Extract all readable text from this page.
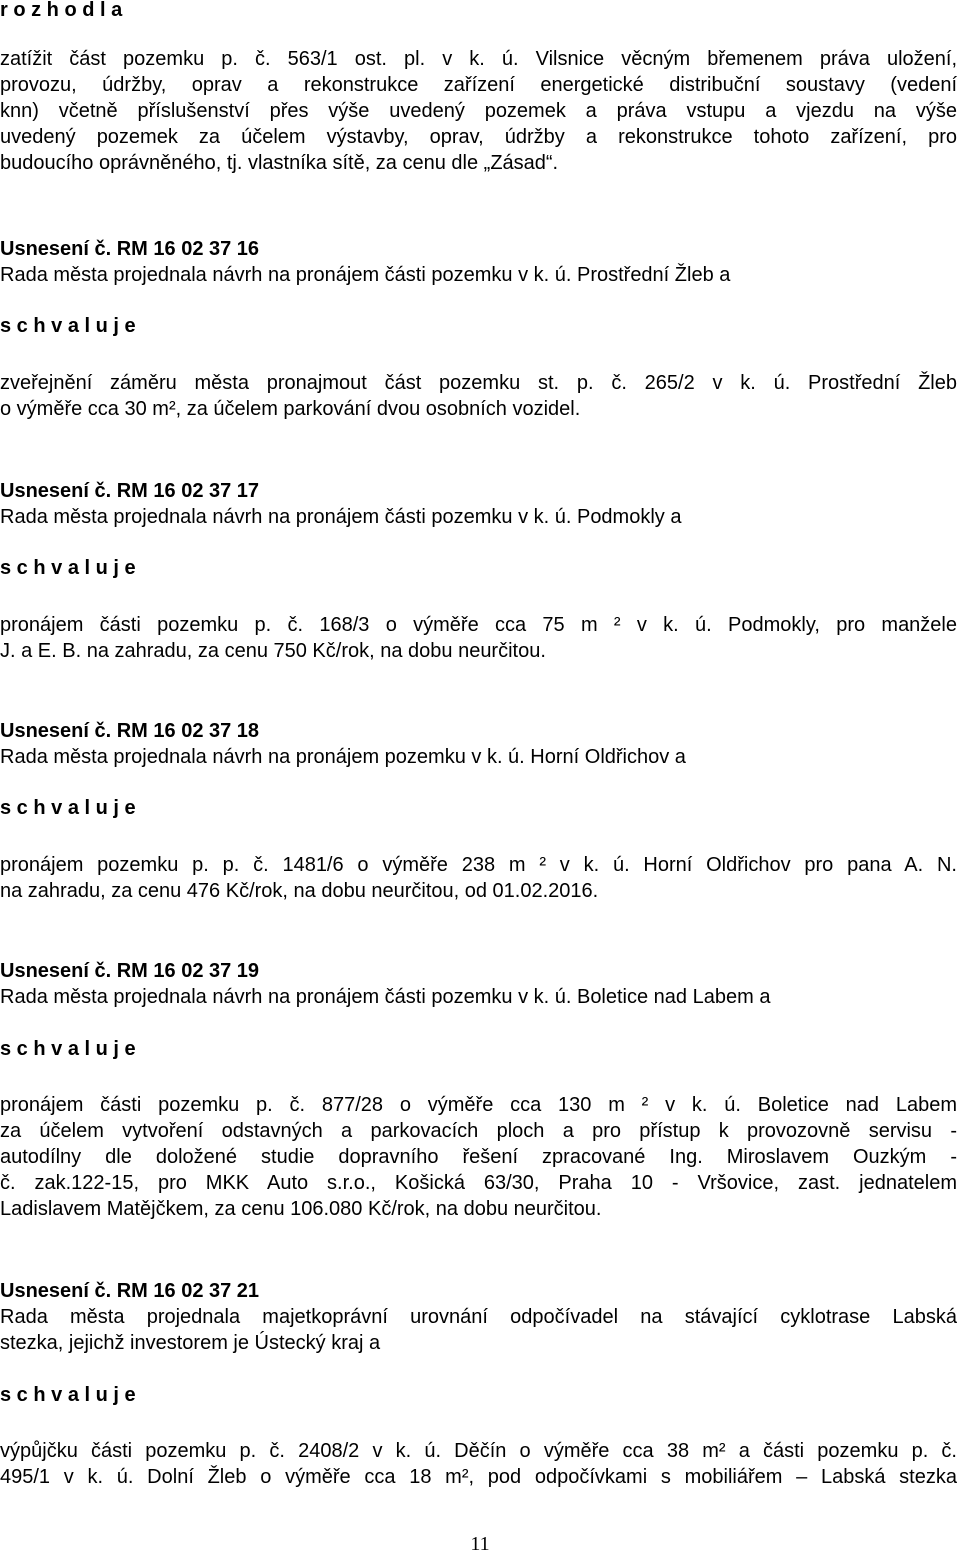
r o z h o d l a
zatížit část pozemku p. č. 563/1 ost. pl. v k. ú. Vilsnice věcným břemenem práva uložení,
provozu, údržby, oprav a rekonstrukce zařízení energetické distribuční soustavy (vedení
knn) včetně příslušenství přes výše uvedený pozemek a práva vstupu a vjezdu na výše
uvedený pozemek za účelem výstavby, oprav, údržby a rekonstrukce tohoto zařízení, pro
budoucího oprávněného, tj. vlastníka sítě, za cenu dle „Zásad“.
Usnesení č. RM 16 02 37 16
Rada města projednala návrh na pronájem části pozemku v k. ú. Prostřední Žleb a
s c h v a l u j e
zveřejnění záměru města pronajmout část pozemku st. p. č. 265/2 v k. ú. Prostřední Žleb
o výměře cca 30 m², za účelem parkování dvou osobních vozidel.
Usnesení č. RM 16 02 37 17
Rada města projednala návrh na pronájem části pozemku v k. ú. Podmokly a
s c h v a l u j e
pronájem části pozemku p. č. 168/3 o výměře cca 75 m ² v k. ú. Podmokly, pro manžele
J. a E. B. na zahradu, za cenu 750 Kč/rok, na dobu neurčitou.
Usnesení č. RM 16 02 37 18
Rada města projednala návrh na pronájem pozemku v k. ú. Horní Oldřichov a
s c h v a l u j e
pronájem pozemku p. p. č. 1481/6 o výměře 238 m ² v k. ú. Horní Oldřichov pro pana A. N.
na zahradu, za cenu 476 Kč/rok, na dobu neurčitou, od 01.02.2016.
Usnesení č. RM 16 02 37 19
Rada města projednala návrh na pronájem části pozemku v k. ú. Boletice nad Labem a
s c h v a l u j e
pronájem části pozemku p. č. 877/28 o výměře cca 130 m ² v k. ú. Boletice nad Labem
za účelem vytvoření odstavných a parkovacích ploch a pro přístup k provozovně servisu -
autodílny dle doložené studie dopravního řešení zpracované Ing. Miroslavem Ouzkým -
č. zak.122-15, pro MKK Auto s.r.o., Košická 63/30, Praha 10 - Vršovice, zast. jednatelem
Ladislavem Matějčkem, za cenu 106.080 Kč/rok, na dobu neurčitou.
Usnesení č. RM 16 02 37 21
Rada města projednala majetkoprávní urovnání odpočívadel na stávající cyklotrase Labská
stezka, jejichž investorem je Ústecký kraj a
s c h v a l u j e
výpůjčku části pozemku p. č. 2408/2 v k. ú. Děčín o výměře cca 38 m² a části pozemku p. č.
495/1 v k. ú. Dolní Žleb o výměře cca 18 m², pod odpočívkami s mobiliářem – Labská stezka
11
